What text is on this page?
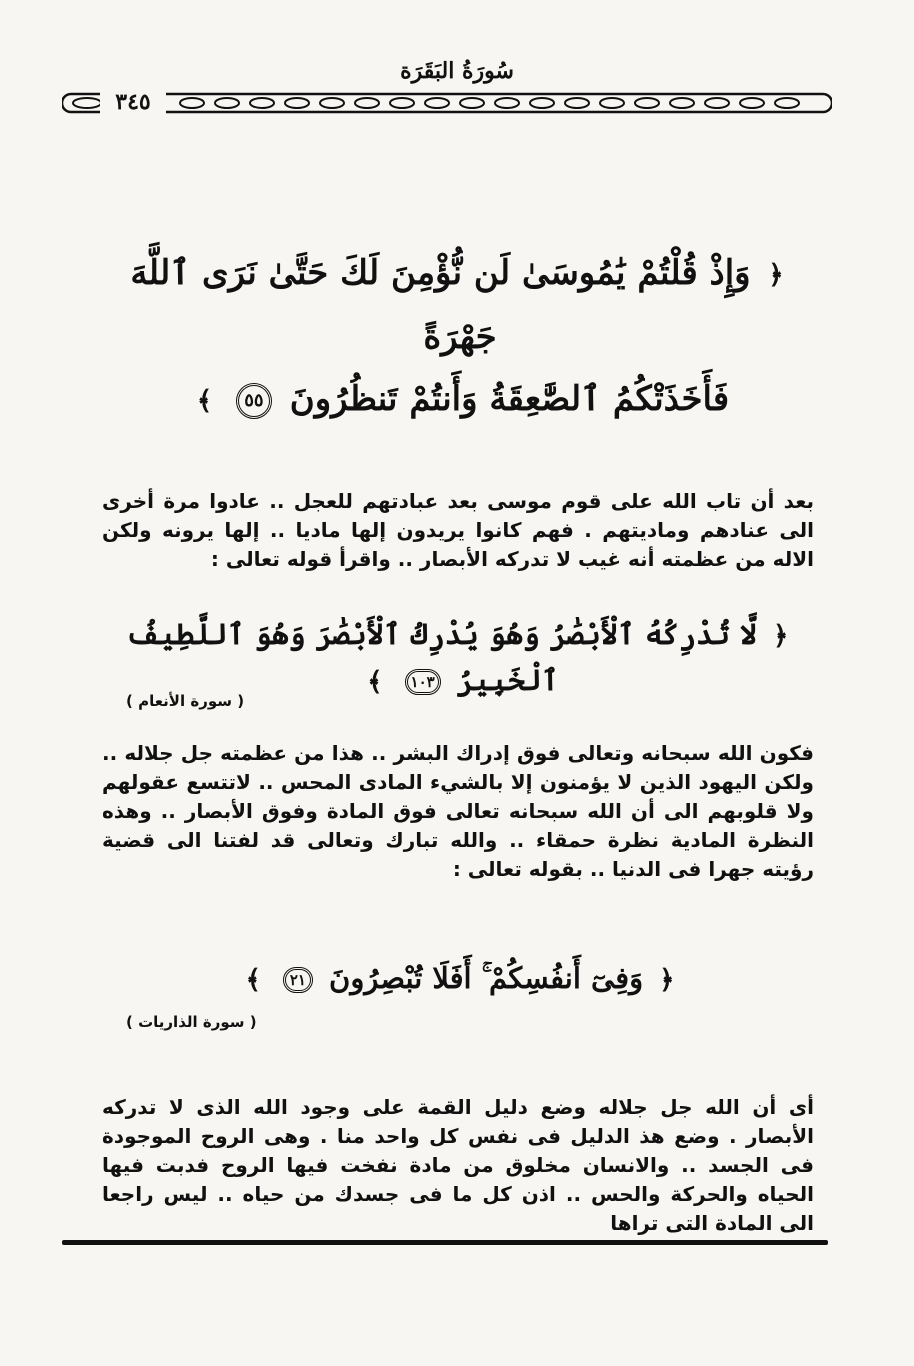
سُورَةُ البَقَرَة
٣٤٥
﴿ وَإِذْ قُلْتُمْ يَٰمُوسَىٰ لَن نُّؤْمِنَ لَكَ حَتَّىٰ نَرَى ٱللَّهَ جَهْرَةً
فَأَخَذَتْكُمُ ٱلصَّٰعِقَةُ وَأَنتُمْ تَنظُرُونَ ٥٥ ﴾
بعد أن تاب الله على قوم موسى بعد عبادتهم للعجل .. عادوا مرة أخرى الى عنادهم وماديتهم . فهم كانوا يريدون إلها ماديا .. إلها يرونه ولكن الاله من عظمته أنه غيب لا تدركه الأبصار .. واقرأ قوله تعالى :
﴿ لَّا تُدْرِكُهُ ٱلْأَبْصَٰرُ وَهُوَ يُدْرِكُ ٱلْأَبْصَٰرَ وَهُوَ ٱللَّطِيفُ ٱلْخَبِيرُ ١٠٣ ﴾
( سورة الأنعام )
فكون الله سبحانه وتعالى فوق إدراك البشر .. هذا من عظمته جل جلاله .. ولكن اليهود الذين لا يؤمنون إلا بالشيء المادى المحس .. لاتتسع عقولهم ولا قلوبهم الى أن الله سبحانه تعالى فوق المادة وفوق الأبصار .. وهذه النظرة المادية نظرة حمقاء .. والله تبارك وتعالى قد لفتنا الى قضية رؤيته جهرا فى الدنيا .. بقوله تعالى :
﴿ وَفِىٓ أَنفُسِكُمْ ۚ أَفَلَا تُبْصِرُونَ ٢١ ﴾
( سورة الذاريات )
أى أن الله جل جلاله وضع دليل القمة على وجود الله الذى لا تدركه الأبصار . وضع هذ الدليل فى نفس كل واحد منا . وهى الروح الموجودة فى الجسد .. والانسان مخلوق من مادة نفخت فيها الروح فدبت فيها الحياه والحركة والحس .. اذن كل ما فى جسدك من حياه .. ليس راجعا الى المادة التى تراها
